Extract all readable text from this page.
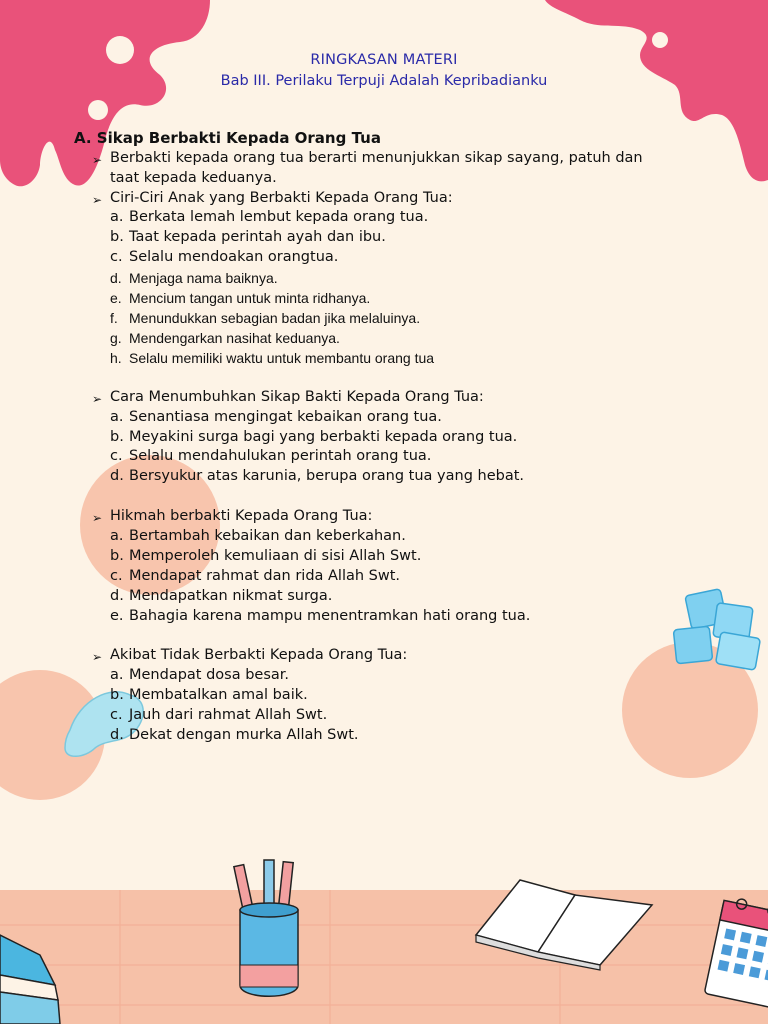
RINGKASAN MATERI
Bab III. Perilaku Terpuji Adalah Kepribadianku
A. Sikap Berbakti Kepada Orang Tua
➢ Berbakti kepada orang tua berarti menunjukkan sikap sayang, patuh dan
taat kepada keduanya.
➢ Ciri-Ciri Anak yang Berbakti Kepada Orang Tua:
a. Berkata lemah lembut kepada orang tua.
b. Taat kepada perintah ayah dan ibu.
c. Selalu mendoakan orangtua.
d. Menjaga nama baiknya.
e. Mencium tangan untuk minta ridhanya.
f. Menundukkan sebagian badan jika melaluinya.
g. Mendengarkan nasihat keduanya.
h. Selalu memiliki waktu untuk membantu orang tua
➢ Cara Menumbuhkan Sikap Bakti Kepada Orang Tua:
a. Senantiasa mengingat kebaikan orang tua.
b. Meyakini surga bagi yang berbakti kepada orang tua.
c. Selalu mendahulukan perintah orang tua.
d. Bersyukur atas karunia, berupa orang tua yang hebat.
➢ Hikmah berbakti Kepada Orang Tua:
a. Bertambah kebaikan dan keberkahan.
b. Memperoleh kemuliaan di sisi Allah Swt.
c. Mendapat rahmat dan rida Allah Swt.
d. Mendapatkan nikmat surga.
e. Bahagia karena mampu menentramkan hati orang tua.
➢ Akibat Tidak Berbakti Kepada Orang Tua:
a. Mendapat dosa besar.
b. Membatalkan amal baik.
c. Jauh dari rahmat Allah Swt.
d. Dekat dengan murka Allah Swt.
